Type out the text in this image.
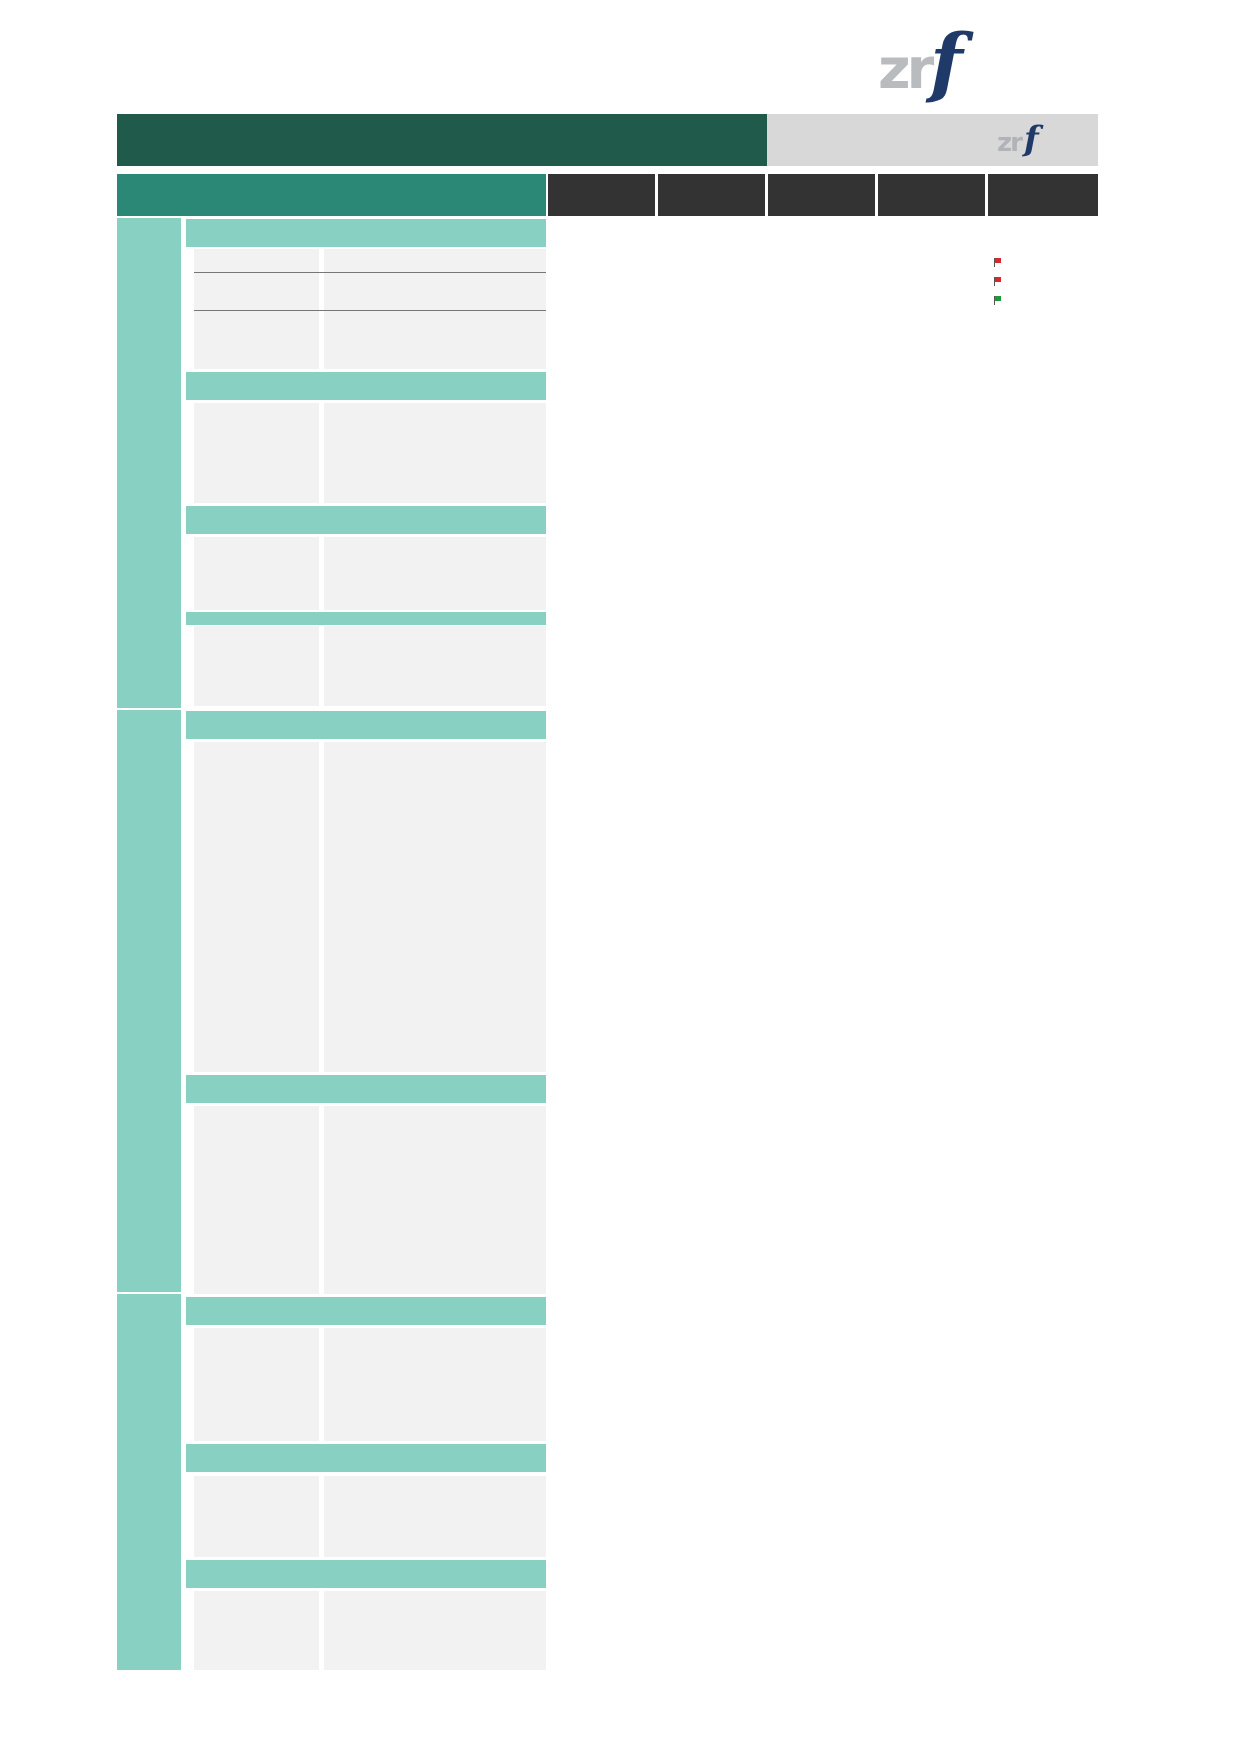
zr f
zr f
